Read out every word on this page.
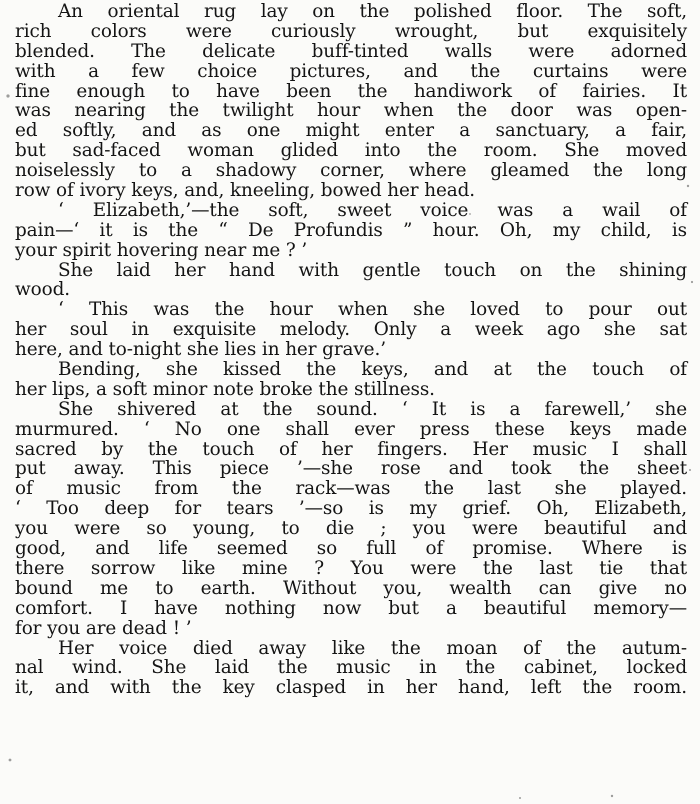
An oriental rug lay on the polished floor. The soft,
rich colors were curiously wrought, but exquisitely
blended. The delicate buff-tinted walls were adorned
with a few choice pictures, and the curtains were
fine enough to have been the handiwork of fairies. It
was nearing the twilight hour when the door was open-
ed softly, and as one might enter a sanctuary, a fair,
but sad-faced woman glided into the room. She moved
noiselessly to a shadowy corner, where gleamed the long
row of ivory keys, and, kneeling, bowed her head.
‘ Elizabeth,’—the soft, sweet voice was a wail of
pain—‘ it is the “ De Profundis ” hour. Oh, my child, is
your spirit hovering near me ? ’
She laid her hand with gentle touch on the shining
wood.
‘ This was the hour when she loved to pour out
her soul in exquisite melody. Only a week ago she sat
here, and to-night she lies in her grave.’
Bending, she kissed the keys, and at the touch of
her lips, a soft minor note broke the stillness.
She shivered at the sound. ‘ It is a farewell,’ she
murmured. ‘ No one shall ever press these keys made
sacred by the touch of her fingers. Her music I shall
put away. This piece ’—she rose and took the sheet
of music from the rack—was the last she played.
‘ Too deep for tears ’—so is my grief. Oh, Elizabeth,
you were so young, to die ; you were beautiful and
good, and life seemed so full of promise. Where is
there sorrow like mine ? You were the last tie that
bound me to earth. Without you, wealth can give no
comfort. I have nothing now but a beautiful memory—
for you are dead ! ’
Her voice died away like the moan of the autum-
nal wind. She laid the music in the cabinet, locked
it, and with the key clasped in her hand, left the room.
